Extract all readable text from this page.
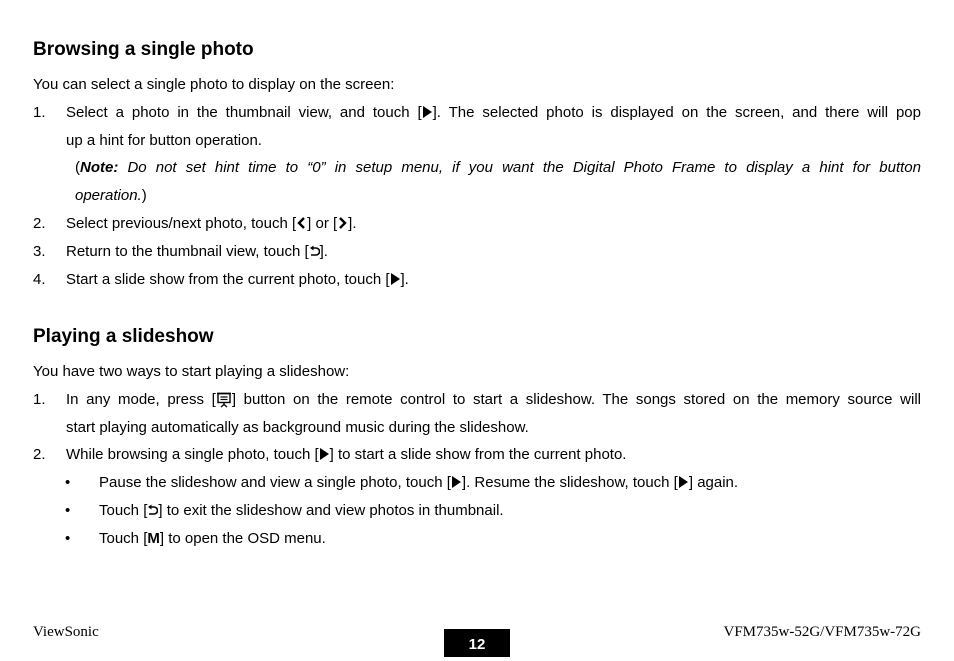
Browsing a single photo
You can select a single photo to display on the screen:
1. Select a photo in the thumbnail view, and touch [ ]. The selected photo is displayed on the screen, and there will pop
up a hint for button operation.
(Note: Do not set hint time to “0” in setup menu, if you want the Digital Photo Frame to display a hint for button
operation.)
2. Select previous/next photo, touch [ ] or [ ].
3. Return to the thumbnail view, touch [ ].
4. Start a slide show from the current photo, touch [ ].
Playing a slideshow
You have two ways to start playing a slideshow:
1. In any mode, press [ ] button on the remote control to start a slideshow. The songs stored on the memory source will
start playing automatically as background music during the slideshow.
2. While browsing a single photo, touch [ ] to start a slide show from the current photo.
• Pause the slideshow and view a single photo, touch [ ]. Resume the slideshow, touch [ ] again.
• Touch [ ] to exit the slideshow and view photos in thumbnail.
• Touch [M] to open the OSD menu.
ViewSonic
12
VFM735w-52G/VFM735w-72G
